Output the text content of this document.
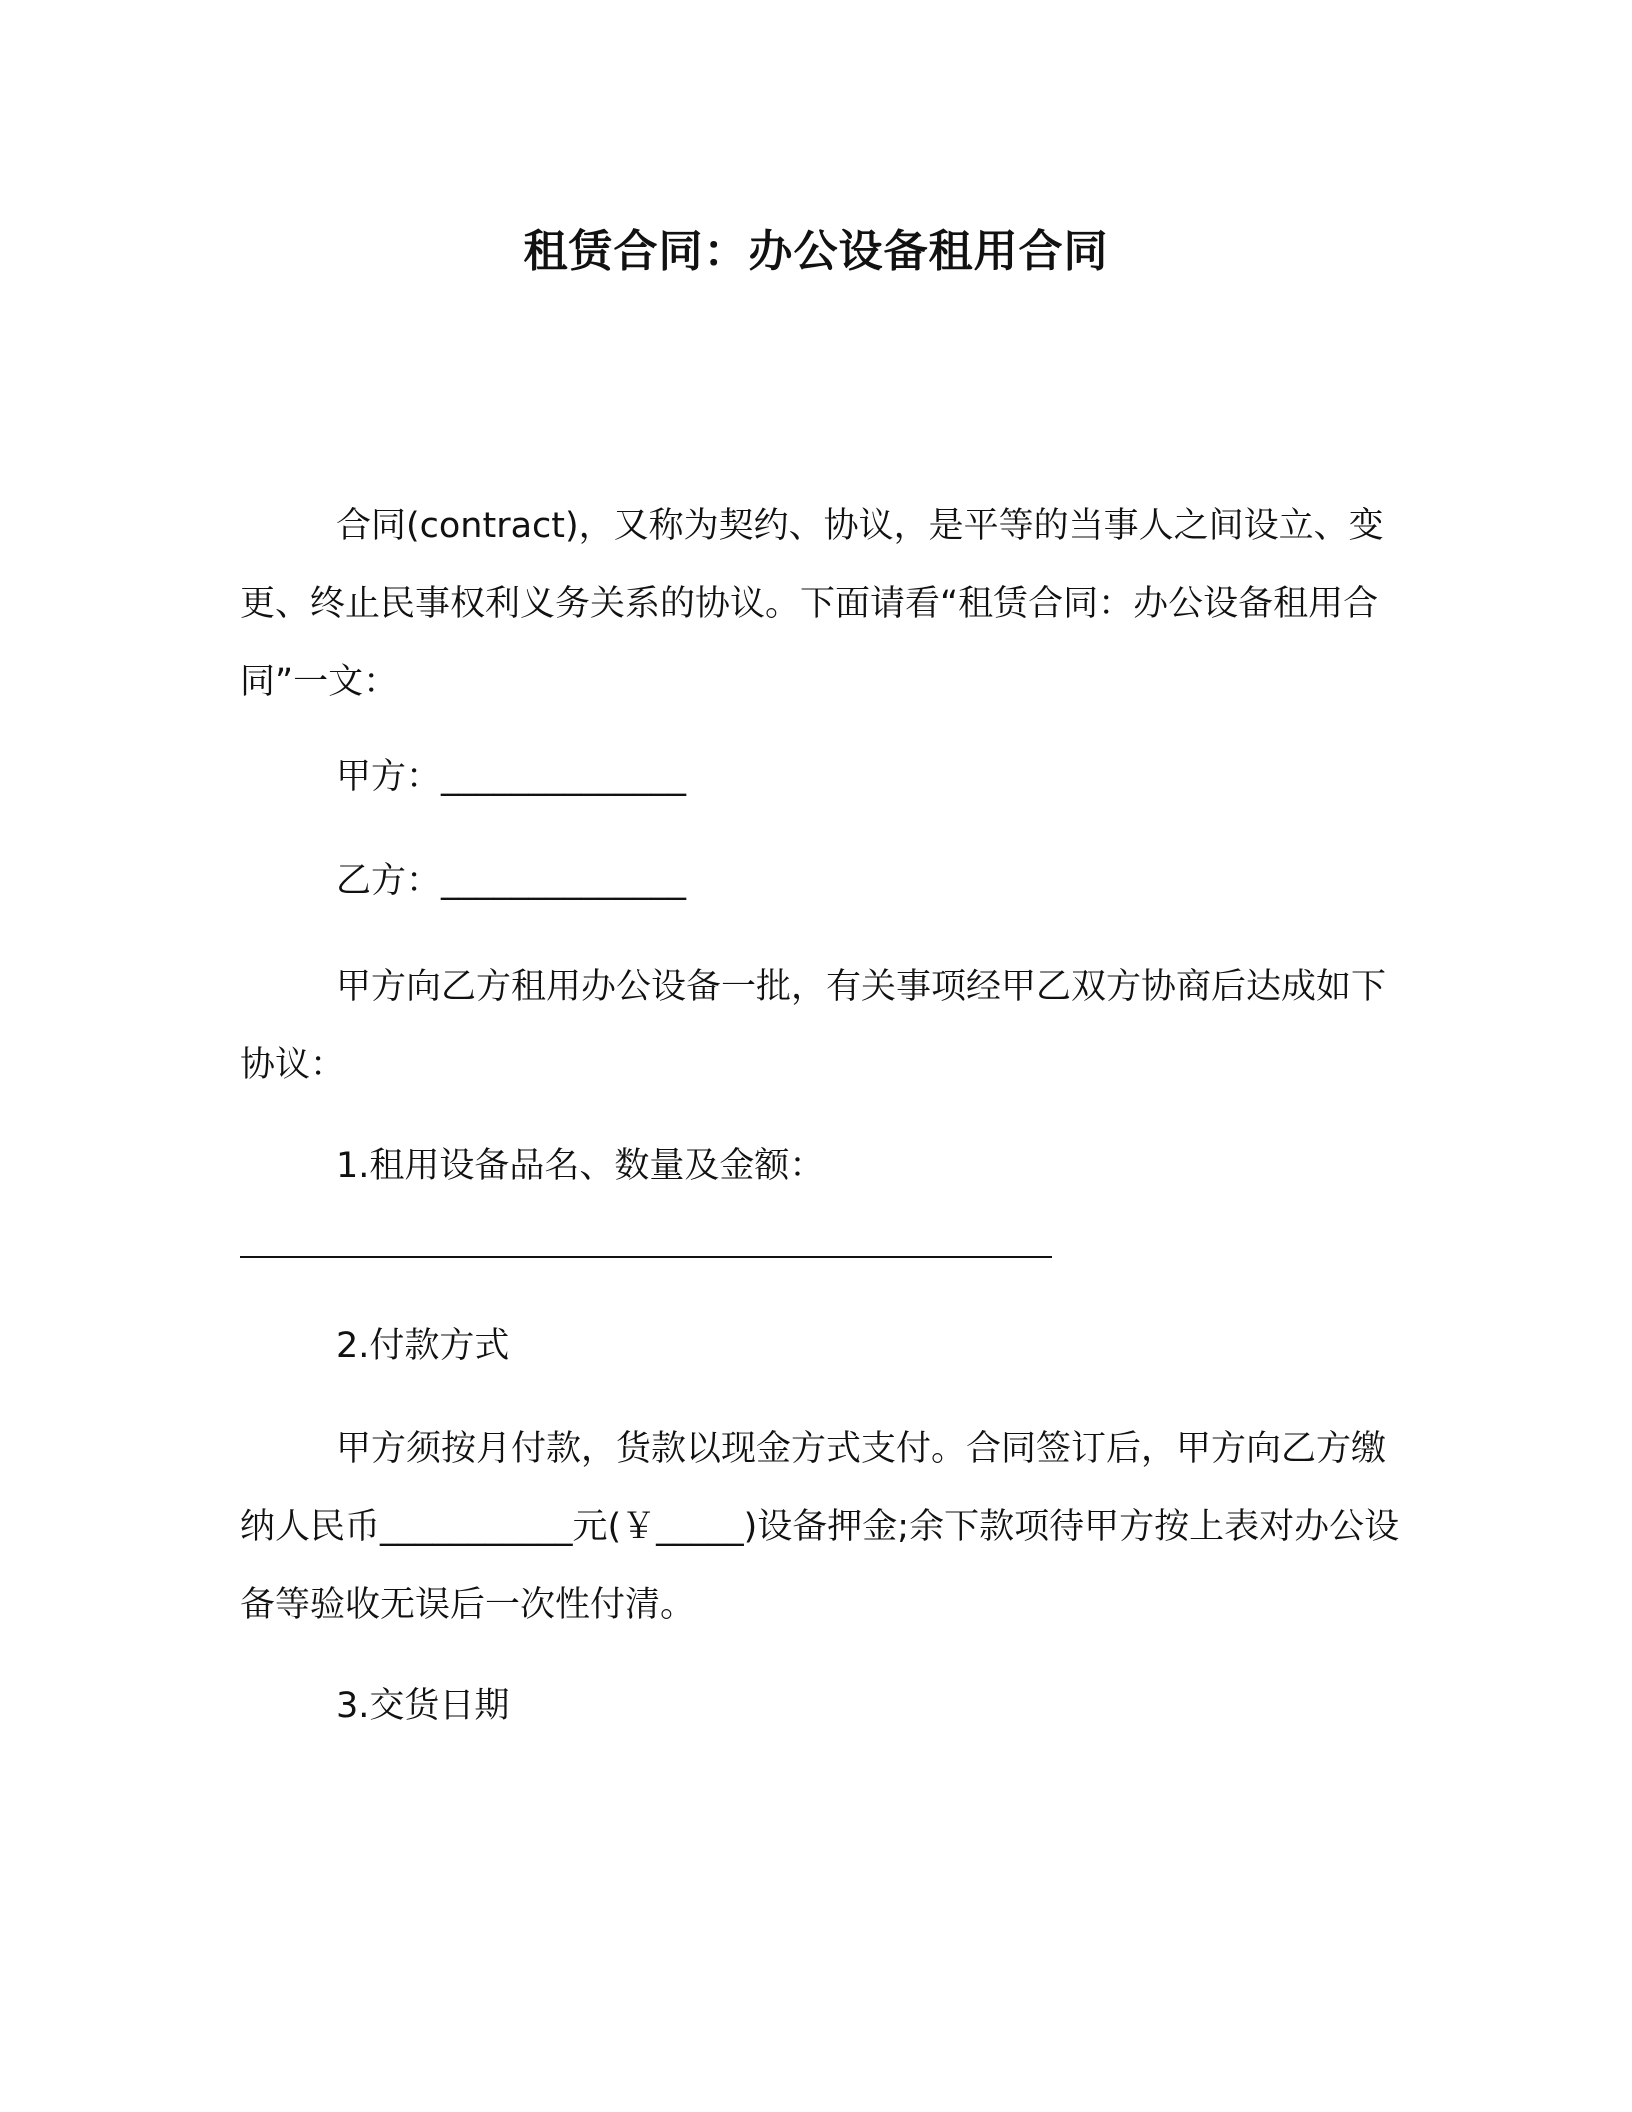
租赁合同：办公设备租用合同

合同(contract)，又称为契约、协议，是平等的当事人之间设立、变更、终止民事权利义务关系的协议。下面请看“租赁合同：办公设备租用合同”一文：

甲方：______________

乙方：______________

甲方向乙方租用办公设备一批，有关事项经甲乙双方协商后达成如下协议：

1.租用设备品名、数量及金额：

2.付款方式

甲方须按月付款，货款以现金方式支付。合同签订后，甲方向乙方缴纳人民币___________元(￥_____)设备押金;余下款项待甲方按上表对办公设备等验收无误后一次性付清。

3.交货日期
